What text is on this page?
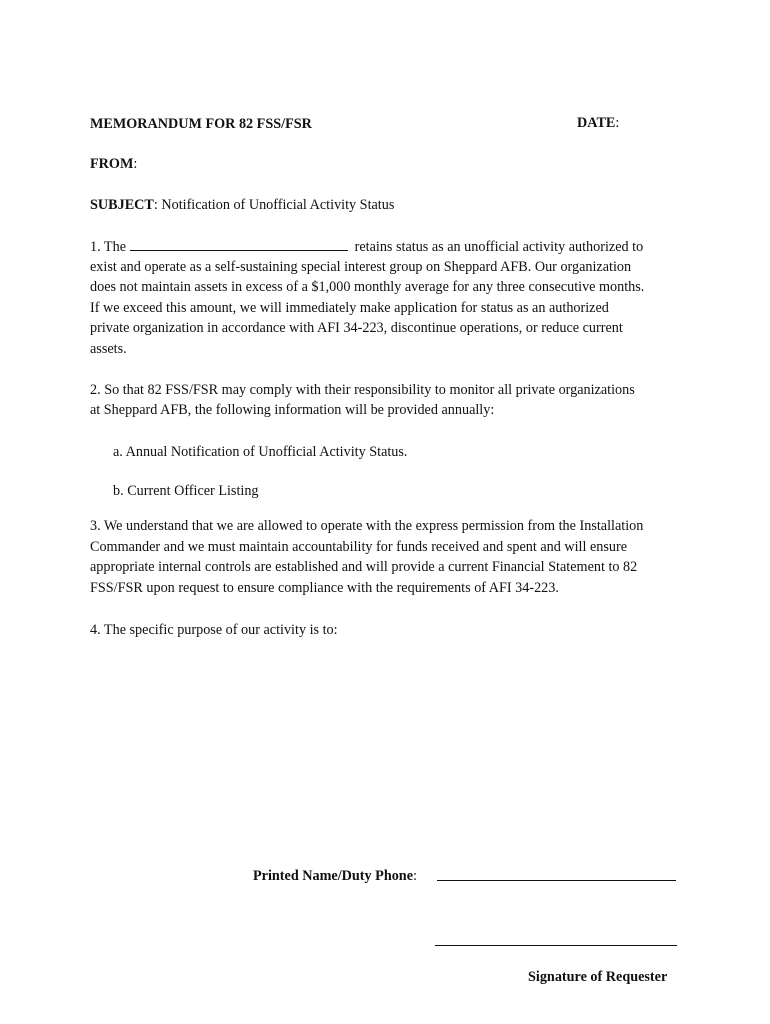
MEMORANDUM FOR 82 FSS/FSR	DATE:
FROM:
SUBJECT: Notification of Unofficial Activity Status
1. The	retains status as an unofficial activity authorized to
exist and operate as a self-sustaining special interest group on Sheppard AFB. Our organization
does not maintain assets in excess of a $1,000 monthly average for any three consecutive months.
If we exceed this amount, we will immediately make application for status as an authorized
private organization in accordance with AFI 34-223, discontinue operations, or reduce current
assets.
2. So that 82 FSS/FSR may comply with their responsibility to monitor all private organizations
at Sheppard AFB, the following information will be provided annually:
a. Annual Notification of Unofficial Activity Status.
b. Current Officer Listing
3. We understand that we are allowed to operate with the express permission from the Installation
Commander and we must maintain accountability for funds received and spent and will ensure
appropriate internal controls are established and will provide a current Financial Statement to 82
FSS/FSR upon request to ensure compliance with the requirements of AFI 34-223.
4. The specific purpose of our activity is to:
Printed Name/Duty Phone:
Signature of Requester
